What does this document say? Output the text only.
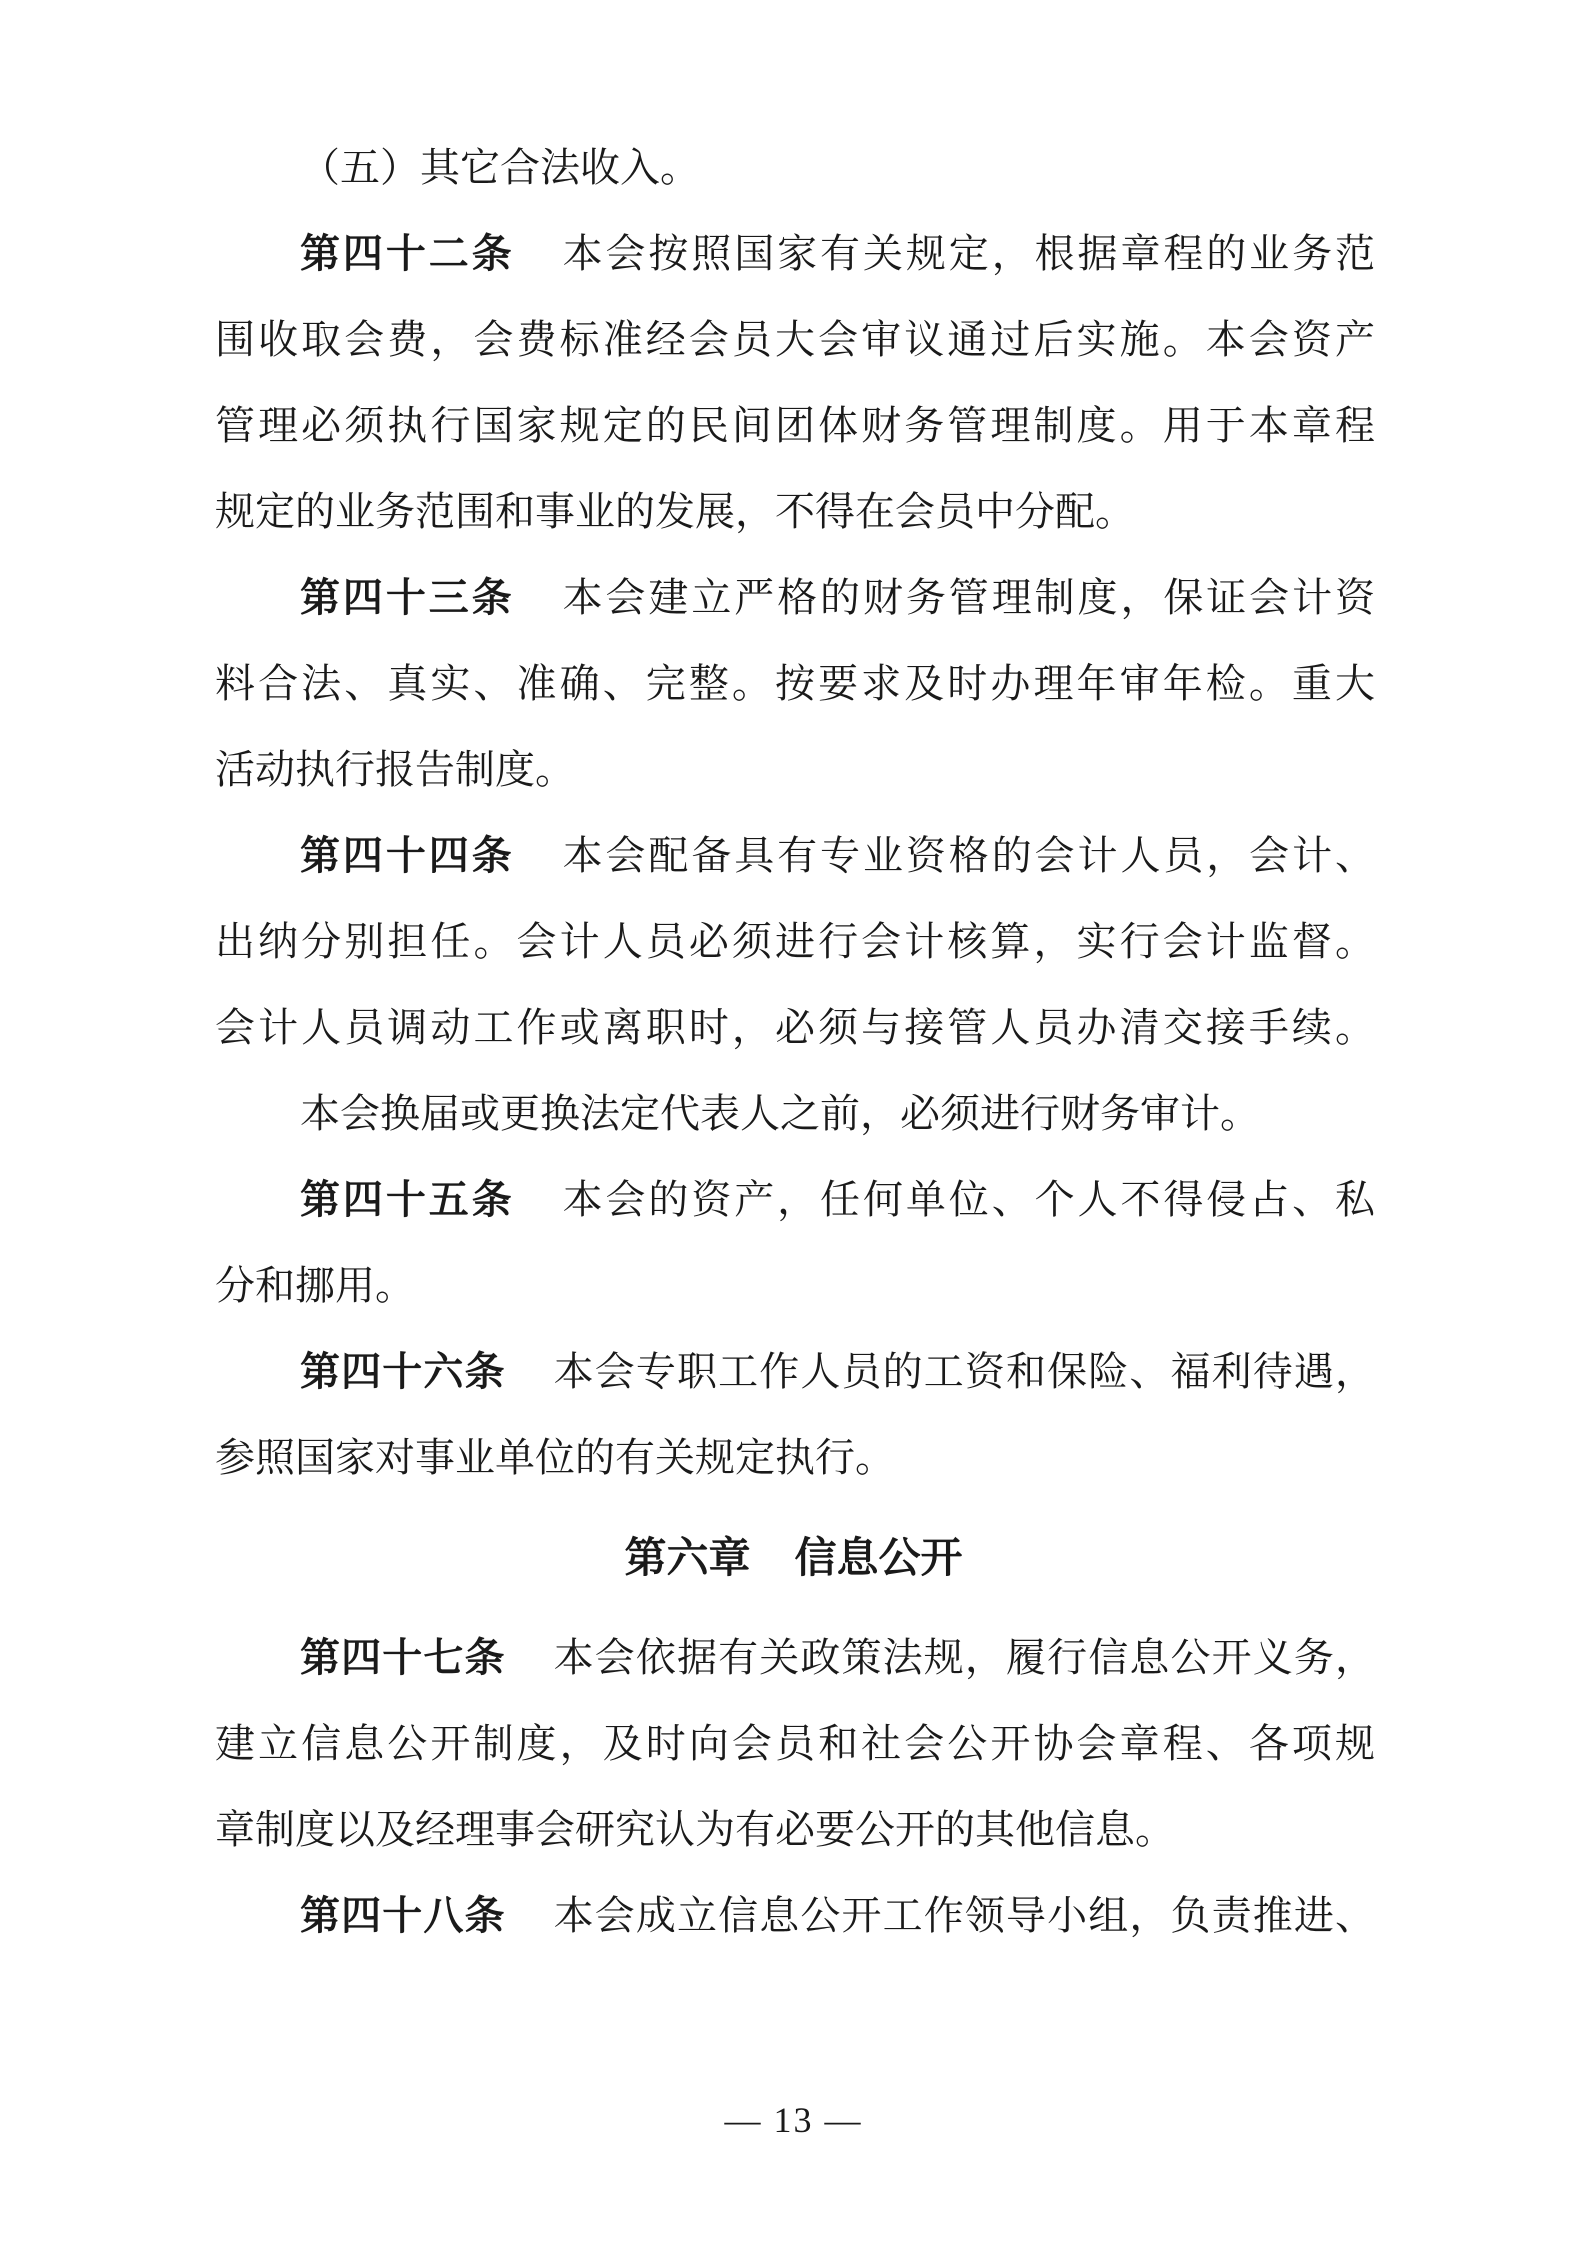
（五）其它合法收入。
第四十二条 本会按照国家有关规定，根据章程的业务范
围收取会费，会费标准经会员大会审议通过后实施。本会资产
管理必须执行国家规定的民间团体财务管理制度。用于本章程
规定的业务范围和事业的发展，不得在会员中分配。
第四十三条 本会建立严格的财务管理制度，保证会计资
料合法、真实、准确、完整。按要求及时办理年审年检。重大
活动执行报告制度。
第四十四条 本会配备具有专业资格的会计人员，会计、
出纳分别担任。会计人员必须进行会计核算，实行会计监督。
会计人员调动工作或离职时，必须与接管人员办清交接手续。
本会换届或更换法定代表人之前，必须进行财务审计。
第四十五条 本会的资产，任何单位、个人不得侵占、私
分和挪用。
第四十六条 本会专职工作人员的工资和保险、福利待遇，
参照国家对事业单位的有关规定执行。
第六章 信息公开
第四十七条 本会依据有关政策法规，履行信息公开义务，
建立信息公开制度，及时向会员和社会公开协会章程、各项规
章制度以及经理事会研究认为有必要公开的其他信息。
第四十八条 本会成立信息公开工作领导小组，负责推进、
— 13 —
